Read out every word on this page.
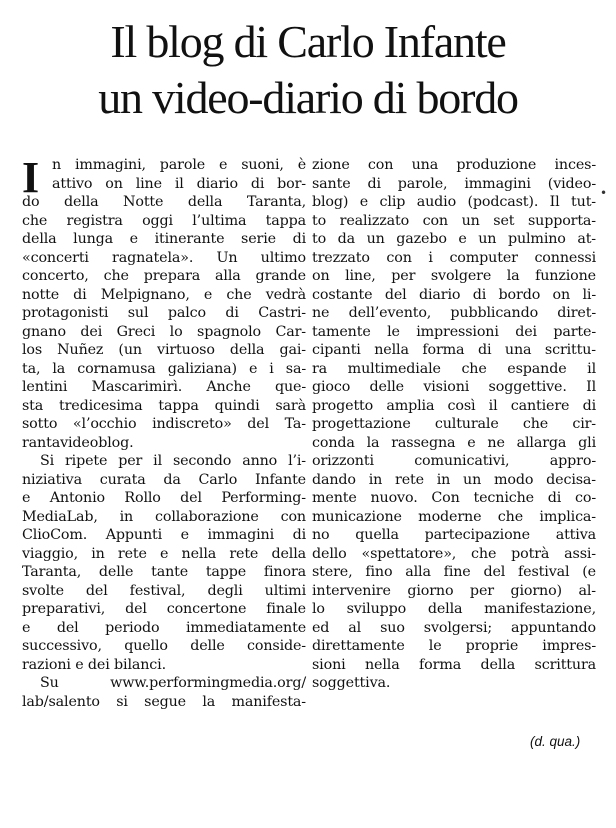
Il blog di Carlo Infante
un video-diario di bordo
I n immagini, parole e suoni, è
attivo on line il diario di bor-
do della Notte della Taranta,
che registra oggi l’ultima tappa
della lunga e itinerante serie di
«concerti ragnatela». Un ultimo
concerto, che prepara alla grande
notte di Melpignano, e che vedrà
protagonisti sul palco di Castri-
gnano dei Greci lo spagnolo Car-
los Nuñez (un virtuoso della gai-
ta, la cornamusa galiziana) e i sa-
lentini Mascarimirì. Anche que-
sta tredicesima tappa quindi sarà
sotto «l’occhio indiscreto» del Ta-
rantavideoblog.
Si ripete per il secondo anno l’i-
niziativa curata da Carlo Infante
e Antonio Rollo del Performing-
MediaLab, in collaborazione con
ClioCom. Appunti e immagini di
viaggio, in rete e nella rete della
Taranta, delle tante tappe finora
svolte del festival, degli ultimi
preparativi, del concertone finale
e del periodo immediatamente
successivo, quello delle conside-
razioni e dei bilanci.
Su www.performingmedia.org/
lab/salento si segue la manifesta-
zione con una produzione inces-
sante di parole, immagini (video-
blog) e clip audio (podcast). Il tut-
to realizzato con un set supporta-
to da un gazebo e un pulmino at-
trezzato con i computer connessi
on line, per svolgere la funzione
costante del diario di bordo on li-
ne dell’evento, pubblicando diret-
tamente le impressioni dei parte-
cipanti nella forma di una scrittu-
ra multimediale che espande il
gioco delle visioni soggettive. Il
progetto amplia così il cantiere di
progettazione culturale che cir-
conda la rassegna e ne allarga gli
orizzonti comunicativi, appro-
dando in rete in un modo decisa-
mente nuovo. Con tecniche di co-
municazione moderne che implica-
no quella partecipazione attiva
dello «spettatore», che potrà assi-
stere, fino alla fine del festival (e
intervenire giorno per giorno) al-
lo sviluppo della manifestazione,
ed al suo svolgersi; appuntando
direttamente le proprie impres-
sioni nella forma della scrittura
soggettiva.
(d. qua.)
•
